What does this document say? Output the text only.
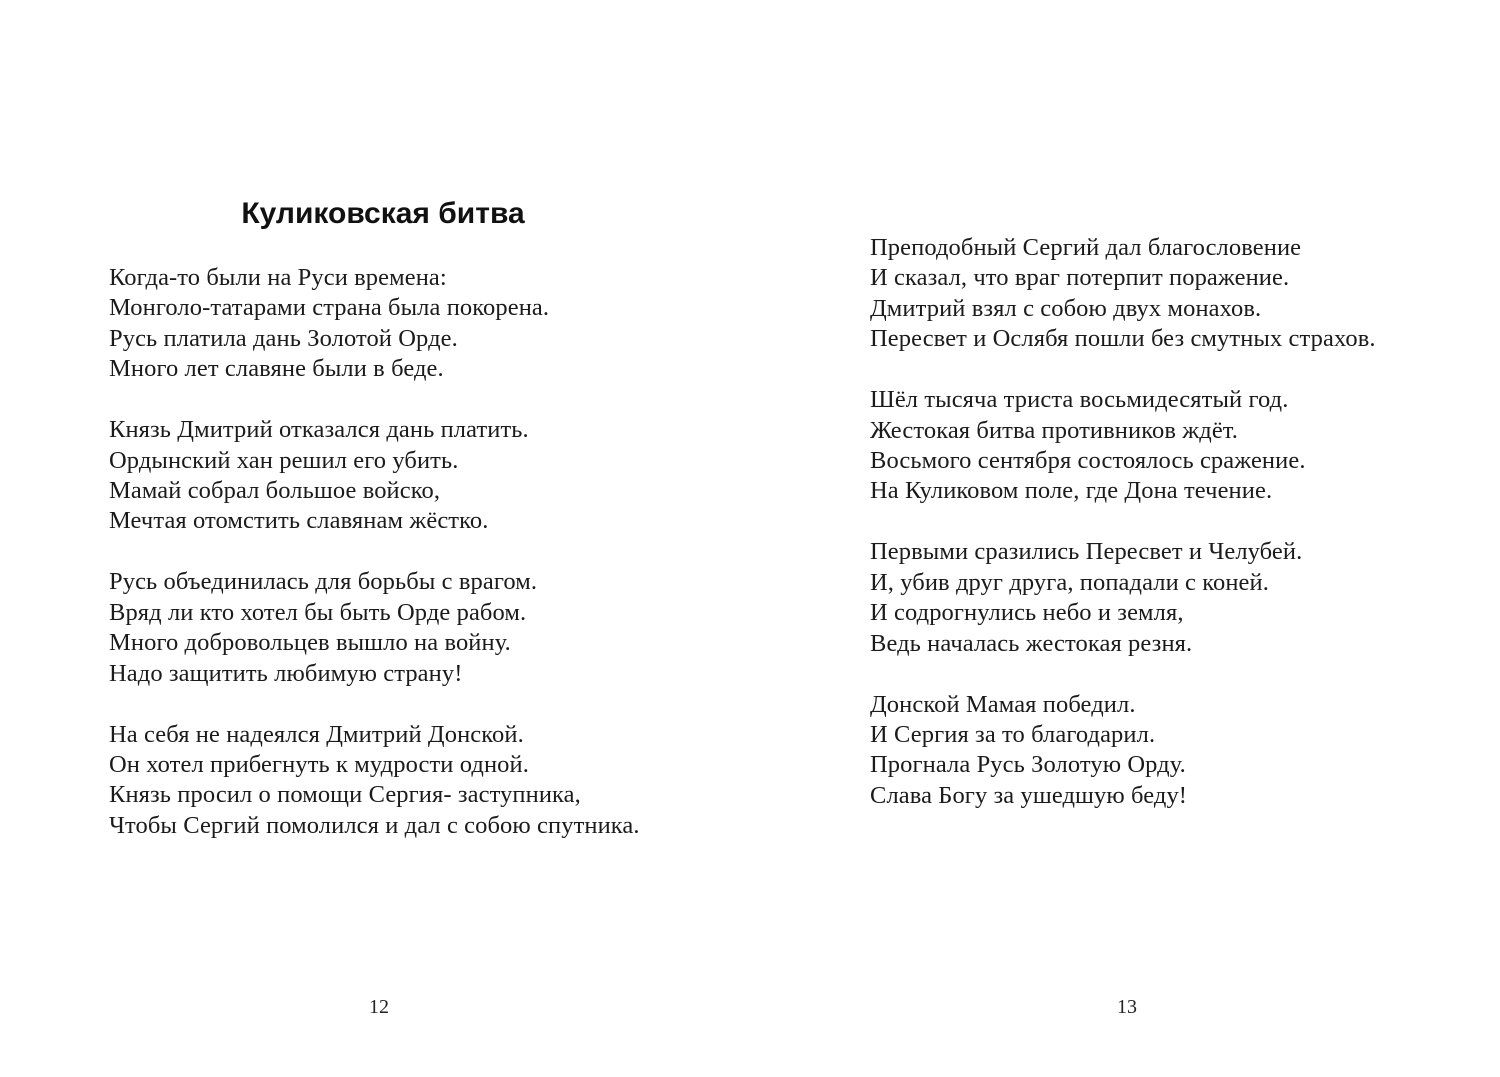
Куликовская битва

Когда-то были на Руси времена:
Монголо-татарами страна была покорена.
Русь платила дань Золотой Орде.
Много лет славяне были в беде.

Князь Дмитрий отказался дань платить.
Ордынский хан решил его убить.
Мамай собрал большое войско,
Мечтая отомстить славянам жёстко.

Русь объединилась для борьбы с врагом.
Вряд ли кто хотел бы быть Орде рабом.
Много добровольцев вышло на войну.
Надо защитить любимую страну!

На себя не надеялся Дмитрий Донской.
Он хотел прибегнуть к мудрости одной.
Князь просил о помощи Сергия- заступника,
Чтобы Сергий помолился и дал с собою спутника.

12

Преподобный Сергий дал благословение
И сказал, что враг потерпит поражение.
Дмитрий взял с собою двух монахов.
Пересвет и Ослябя пошли без смутных страхов.

Шёл тысяча триста восьмидесятый год.
Жестокая битва противников ждёт.
Восьмого сентября состоялось сражение.
На Куликовом поле, где Дона течение.

Первыми сразились Пересвет и Челубей.
И, убив друг друга, попадали с коней.
И содрогнулись небо и земля,
Ведь началась жестокая резня.

Донской Мамая победил.
И Сергия за то благодарил.
Прогнала Русь Золотую Орду.
Слава Богу за ушедшую беду!

13
